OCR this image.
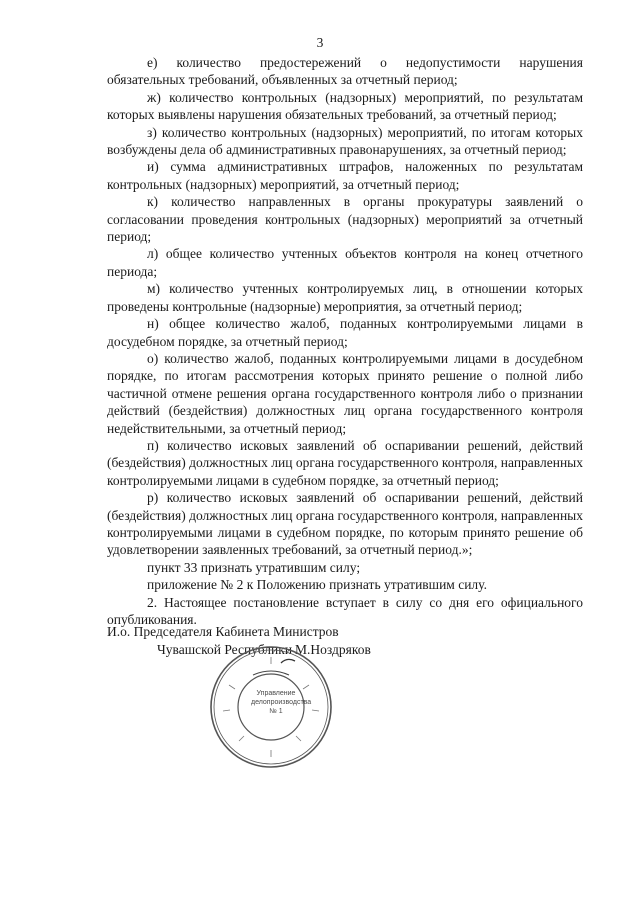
3

е) количество предостережений о недопустимости нарушения обязательных требований, объявленных за отчетный период;

ж) количество контрольных (надзорных) мероприятий, по результатам которых выявлены нарушения обязательных требований, за отчетный период;

з) количество контрольных (надзорных) мероприятий, по итогам которых возбуждены дела об административных правонарушениях, за отчетный период;

и) сумма административных штрафов, наложенных по результатам контрольных (надзорных) мероприятий, за отчетный период;

к) количество направленных в органы прокуратуры заявлений о согласовании проведения контрольных (надзорных) мероприятий за отчетный период;

л) общее количество учтенных объектов контроля на конец отчетного периода;

м) количество учтенных контролируемых лиц, в отношении которых проведены контрольные (надзорные) мероприятия, за отчетный период;

н) общее количество жалоб, поданных контролируемыми лицами в досудебном порядке, за отчетный период;

о) количество жалоб, поданных контролируемыми лицами в досудебном порядке, по итогам рассмотрения которых принято решение о полной либо частичной отмене решения органа государственного контроля либо о признании действий (бездействия) должностных лиц органа государственного контроля недействительными, за отчетный период;

п) количество исковых заявлений об оспаривании решений, действий (бездействия) должностных лиц органа государственного контроля, направленных контролируемыми лицами в судебном порядке, за отчетный период;

р) количество исковых заявлений об оспаривании решений, действий (бездействия) должностных лиц органа государственного контроля, направленных контролируемыми лицами в судебном порядке, по которым принято решение об удовлетворении заявленных требований, за отчетный период.»;

пункт 33 признать утратившим силу;

приложение № 2 к Положению признать утратившим силу.

2. Настоящее постановление вступает в силу со дня его официального опубликования.

И.о. Председателя Кабинета Министров

Чувашской Республики М.Ноздряков

Управление
делопроизводства
№ 1
